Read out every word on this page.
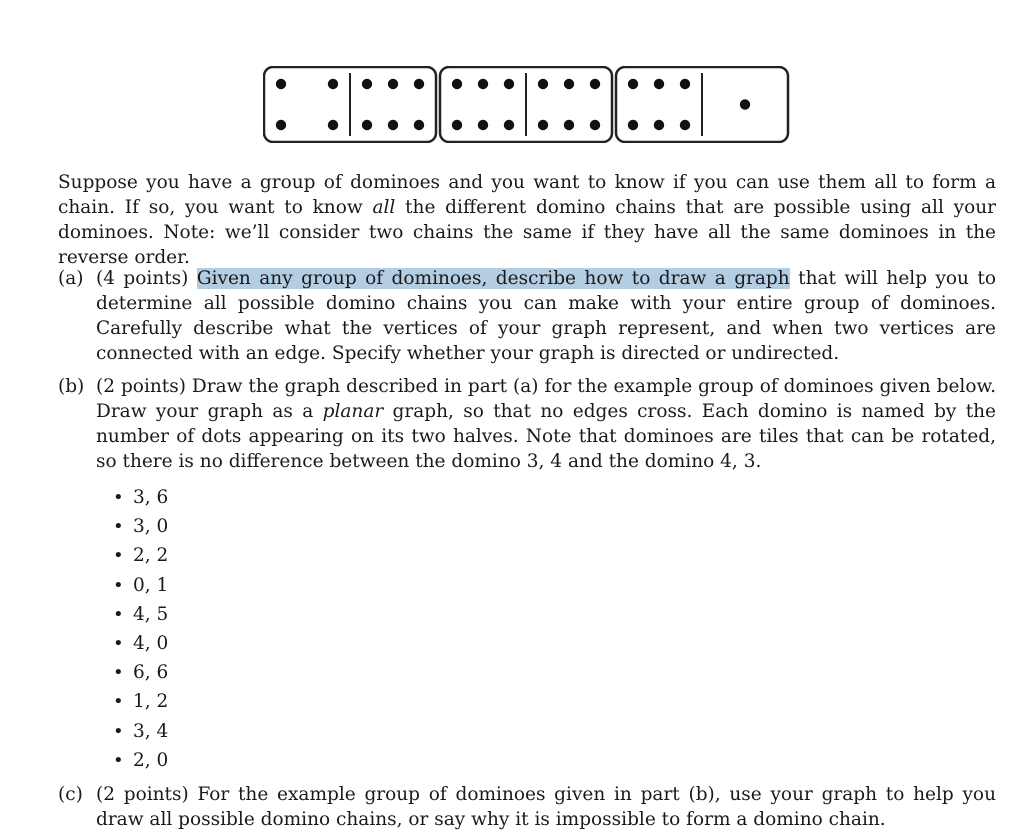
Suppose you have a group of dominoes and you want to know if you can use them all to form a chain. If so, you want to know all the different domino chains that are possible using all your dominoes. Note: we’ll consider two chains the same if they have all the same dominoes in the reverse order.

(a) (4 points) Given any group of dominoes, describe how to draw a graph that will help you to determine all possible domino chains you can make with your entire group of dominoes. Carefully describe what the vertices of your graph represent, and when two vertices are connected with an edge. Specify whether your graph is directed or undirected.
(b) (2 points) Draw the graph described in part (a) for the example group of dominoes given below. Draw your graph as a planar graph, so that no edges cross. Each domino is named by the number of dots appearing on its two halves. Note that dominoes are tiles that can be rotated, so there is no difference between the domino 3, 4 and the domino 4, 3.
• 3, 6
• 3, 0
• 2, 2
• 0, 1
• 4, 5
• 4, 0
• 6, 6
• 1, 2
• 3, 4
• 2, 0
(c) (2 points) For the example group of dominoes given in part (b), use your graph to help you draw all possible domino chains, or say why it is impossible to form a domino chain.
